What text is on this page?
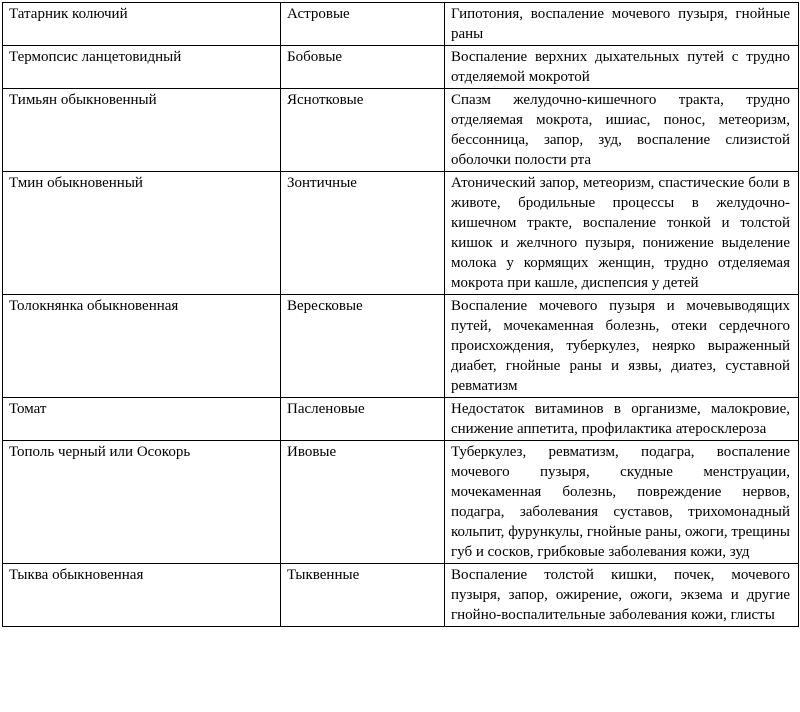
Татарник колючий	Астровые	Гипотония, воспаление мочевого пузыря, гнойные раны
Термопсис ланцетовидный	Бобовые	Воспаление верхних дыхательных путей с трудно отделяемой мокротой
Тимьян обыкновенный	Яснотковые	Спазм желудочно-кишечного тракта, трудно отделяемая мокрота, ишиас, понос, метеоризм, бессонница, запор, зуд, воспаление слизистой оболочки полости рта
Тмин обыкновенный	Зонтичные	Атонический запор, метеоризм, спастические боли в животе, бродильные процессы в желудочно-кишечном тракте, воспаление тонкой и толстой кишок и желчного пузыря, понижение выделение молока у кормящих женщин, трудно отделяемая мокрота при кашле, диспепсия у детей
Толокнянка обыкновенная	Вересковые	Воспаление мочевого пузыря и мочевыводящих путей, мочекаменная болезнь, отеки сердечного происхождения, туберкулез, неярко выраженный диабет, гнойные раны и язвы, диатез, суставной ревматизм
Томат	Пасленовые	Недостаток витаминов в организме, малокровие, снижение аппетита, профилактика атеросклероза
Тополь черный или Осокорь	Ивовые	Туберкулез, ревматизм, подагра, воспаление мочевого пузыря, скудные менструации, мочекаменная болезнь, повреждение нервов, подагра, заболевания суставов, трихомонадный кольпит, фурункулы, гнойные раны, ожоги, трещины губ и сосков, грибковые заболевания кожи, зуд
Тыква обыкновенная	Тыквенные	Воспаление толстой кишки, почек, мочевого пузыря, запор, ожирение, ожоги, экзема и другие гнойно-воспалительные заболевания кожи, глисты
